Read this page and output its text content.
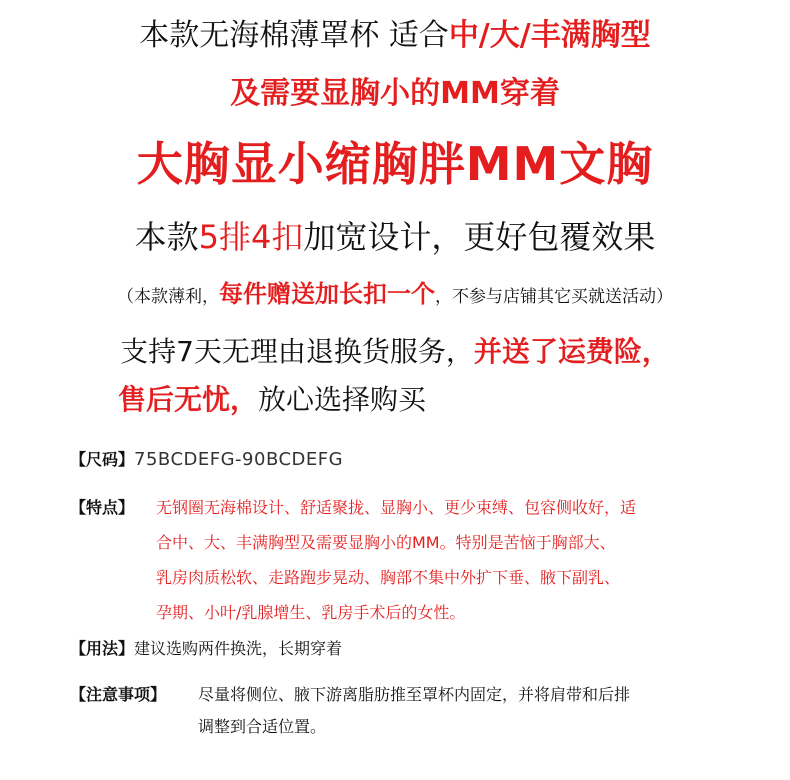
本款无海棉薄罩杯 适合中/大/丰满胸型
及需要显胸小的MM穿着
大胸显小缩胸胖MM文胸
本款5排4扣加宽设计，更好包覆效果
（本款薄利，每件赠送加长扣一个，不参与店铺其它买就送活动）
支持7天无理由退换货服务，并送了运费险，
售后无忧，放心选择购买
【尺码】75BCDEFG-90BCDEFG
【特点】 无钢圈无海棉设计、舒适聚拢、显胸小、更少束缚、包容侧收好，适
合中、大、丰满胸型及需要显胸小的MM。特别是苦恼于胸部大、
乳房肉质松软、走路跑步晃动、胸部不集中外扩下垂、腋下副乳、
孕期、小叶/乳腺增生、乳房手术后的女性。
【用法】建议选购两件换洗，长期穿着
【注意事项】 尽量将侧位、腋下游离脂肪推至罩杯内固定，并将肩带和后排
调整到合适位置。
